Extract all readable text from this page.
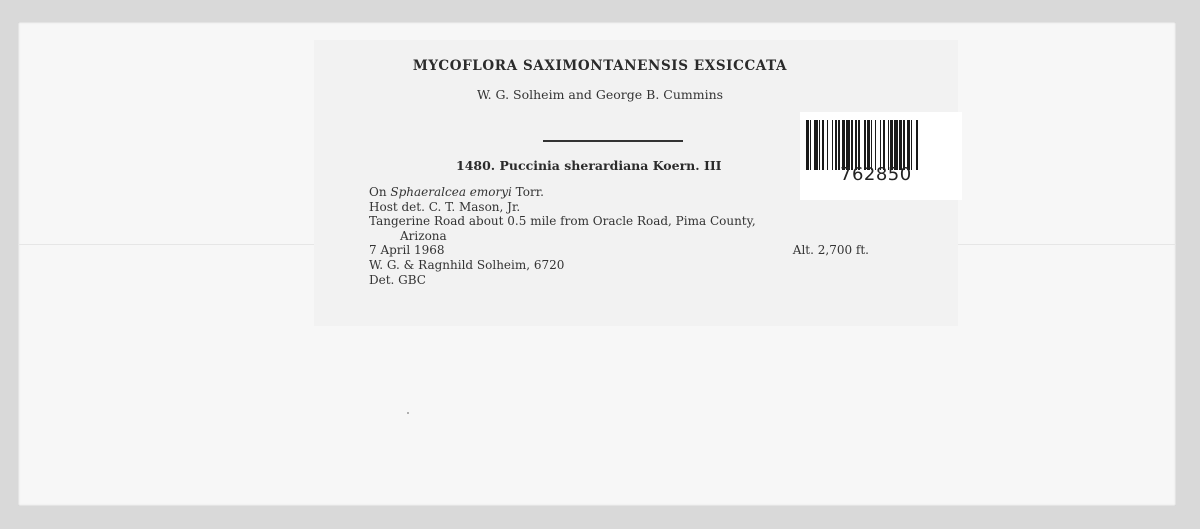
MYCOFLORA SAXIMONTANENSIS EXSICCATA
W. G. Solheim and George B. Cummins
1480. Puccinia sherardiana Koern. III
On Sphaeralcea emoryi Torr.
Host det. C. T. Mason, Jr.
Tangerine Road about 0.5 mile from Oracle Road, Pima County,
Arizona
7 April 1968	Alt. 2,700 ft.
W. G. & Ragnhild Solheim, 6720
Det. GBC
762850
